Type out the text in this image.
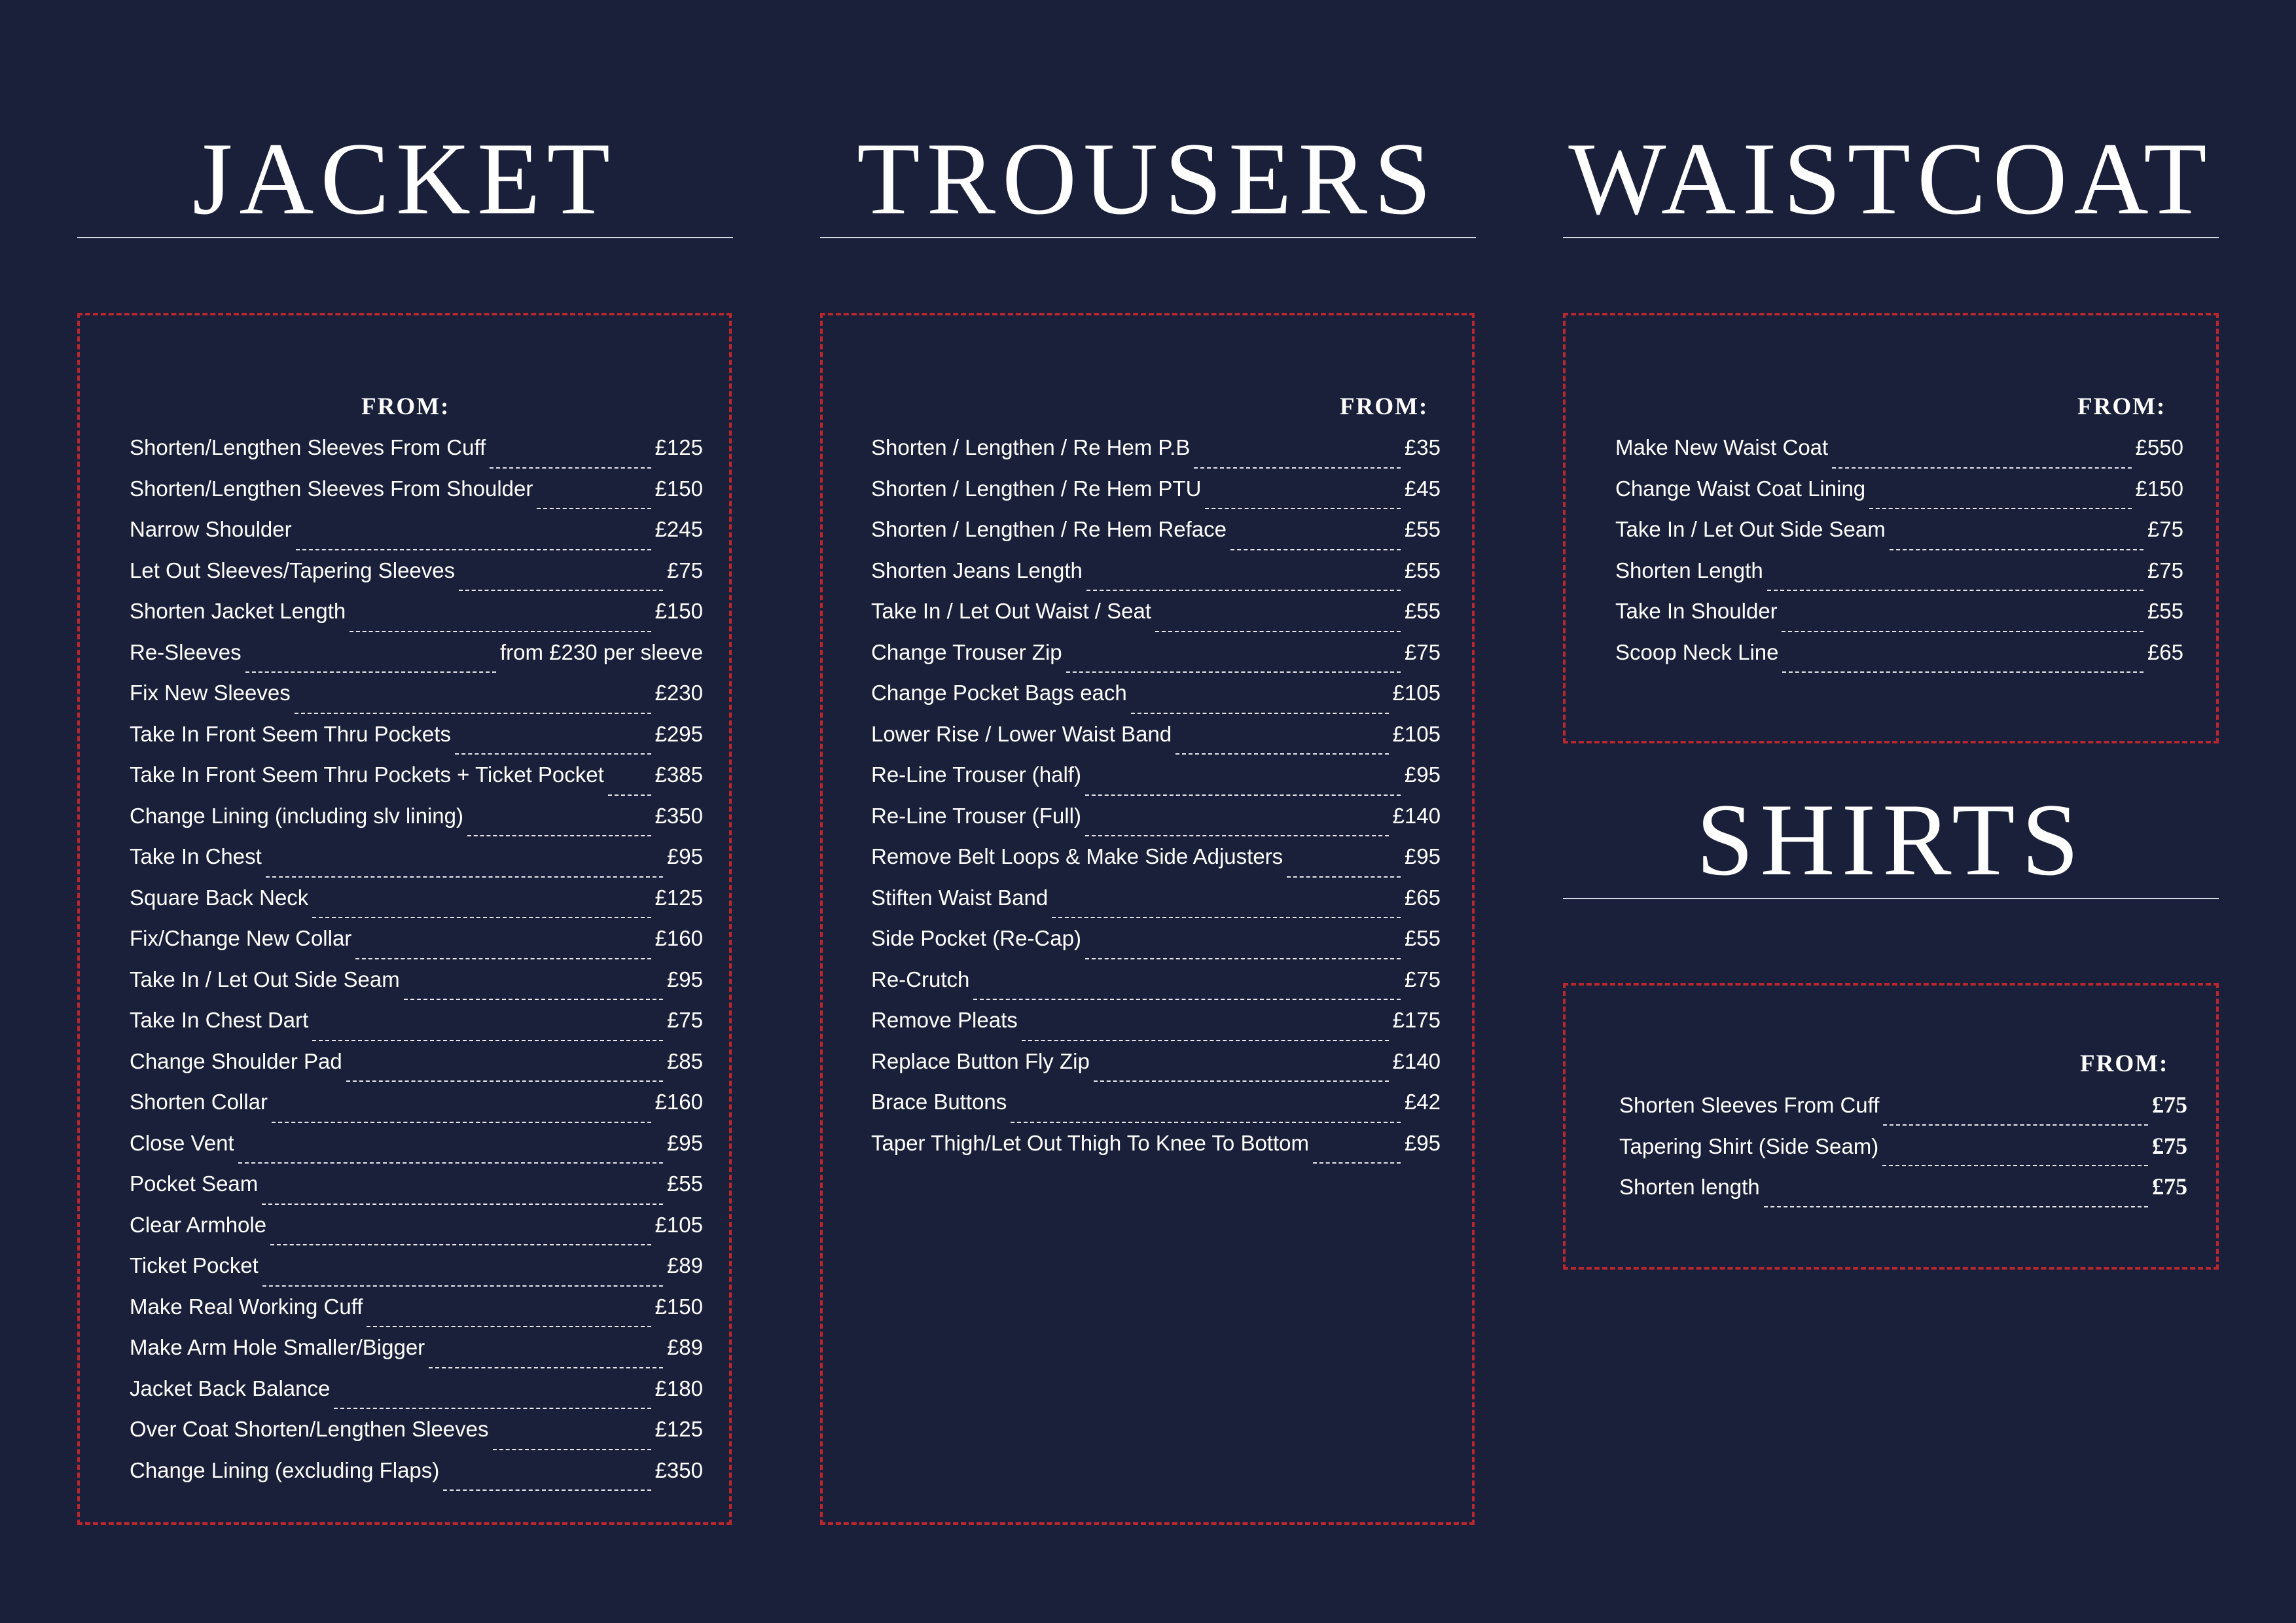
JACKET
FROM:
Shorten/Lengthen Sleeves From Cuff	£125
Shorten/Lengthen Sleeves From Shoulder	£150
Narrow Shoulder	£245
Let Out Sleeves/Tapering Sleeves	£75
Shorten Jacket Length	£150
Re-Sleeves	from £230 per sleeve
Fix New Sleeves	£230
Take In Front Seem Thru Pockets	£295
Take In Front Seem Thru Pockets + Ticket Pocket £385
Change Lining (including slv lining)	£350
Take In Chest	£95
Square Back Neck	£125
Fix/Change New Collar	£160
Take In / Let Out Side Seam	£95
Take In Chest Dart	£75
Change Shoulder Pad	£85
Shorten Collar	£160
Close Vent	£95
Pocket Seam	£55
Clear Armhole	£105
Ticket Pocket	£89
Make Real Working Cuff	£150
Make Arm Hole Smaller/Bigger	£89
Jacket Back Balance	£180
Over Coat Shorten/Lengthen Sleeves	£125
Change Lining (excluding Flaps)	£350
TROUSERS
FROM:
Shorten / Lengthen / Re Hem P.B	£35
Shorten / Lengthen / Re Hem PTU	£45
Shorten / Lengthen / Re Hem Reface	£55
Shorten Jeans Length	£55
Take In / Let Out Waist / Seat	£55
Change Trouser Zip	£75
Change Pocket Bags each	£105
Lower Rise / Lower Waist Band	£105
Re-Line Trouser (half)	£95
Re-Line Trouser (Full)	£140
Remove Belt Loops & Make Side Adjusters	£95
Stiften Waist Band	£65
Side Pocket (Re-Cap)	£55
Re-Crutch	£75
Remove Pleats	£175
Replace Button Fly Zip	£140
Brace Buttons	£42
Taper Thigh/Let Out Thigh To Knee To Bottom	£95
WAISTCOAT
FROM:
Make New Waist Coat	£550
Change Waist Coat Lining	£150
Take In / Let Out Side Seam	£75
Shorten Length	£75
Take In Shoulder	£55
Scoop Neck Line	£65
SHIRTS
FROM:
Shorten Sleeves From Cuff	£75
Tapering Shirt (Side Seam)	£75
Shorten length	£75
